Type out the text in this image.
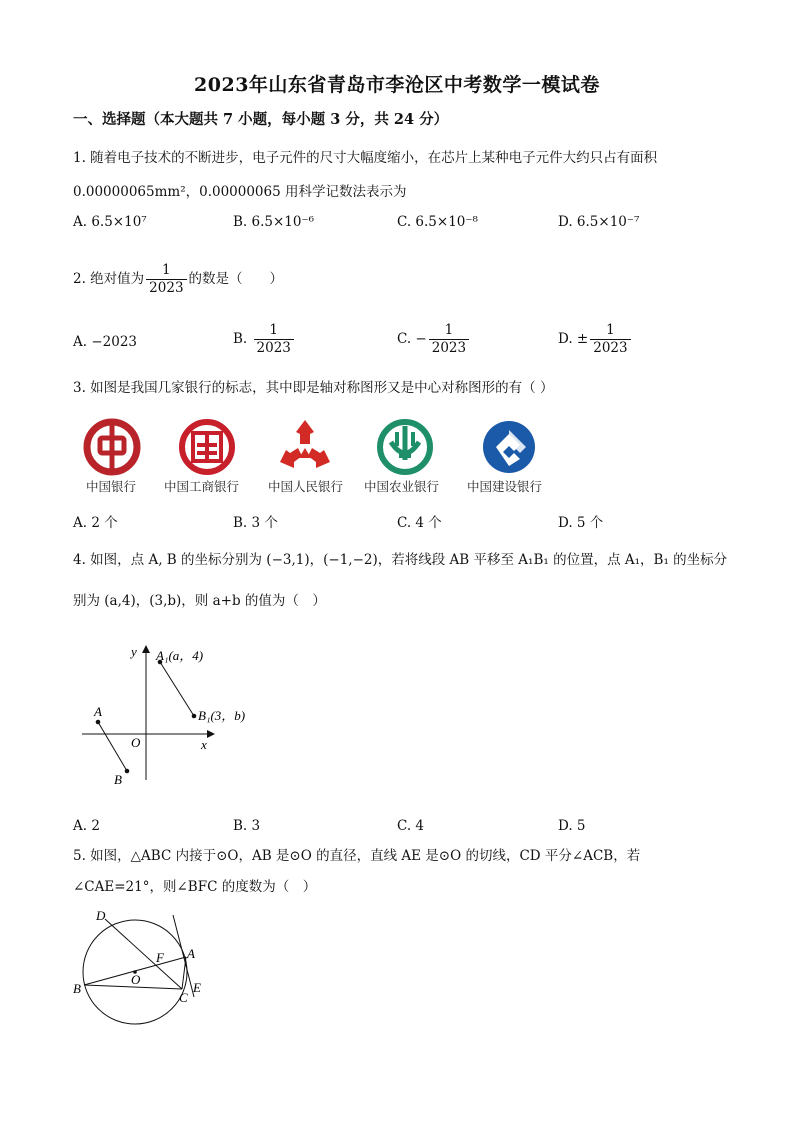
2023年山东省青岛市李沧区中考数学一模试卷
一、选择题（本大题共 7 小题，每小题 3 分，共 24 分）
1. 随着电子技术的不断进步，电子元件的尺寸大幅度缩小，在芯片上某种电子元件大约只占有面积
0.00000065mm²，0.00000065 用科学记数法表示为
A. 6.5×10⁷	B. 6.5×10⁻⁶	C. 6.5×10⁻⁸	D. 6.5×10⁻⁷
2. 绝对值为 $\frac{1}{2023}$ 的数是（　　）
A. −2023	B. $\frac{1}{2023}$	C. − $\frac{1}{2023}$	D. ± $\frac{1}{2023}$
3. 如图是我国几家银行的标志，其中即是轴对称图形又是中心对称图形的有（ ）
中国银行 中国工商银行 中国人民银行 中国农业银行 中国建设银行
A. 2 个	B. 3 个	C. 4 个	D. 5 个
4. 如图，点 A, B 的坐标分别为 (−3,1)，(−1,−2)，若将线段 AB 平移至 A₁B₁ 的位置，点 A₁，B₁ 的坐标分
别为 (a,4)，(3,b)，则 a+b 的值为（　）
A
B
A₁(a，4)
B₁(3，b)
O	x
y
A. 2	B. 3	C. 4	D. 5
5. 如图，△ABC 内接于⊙O，AB 是⊙O 的直径，直线 AE 是⊙O 的切线，CD 平分∠ACB，若
∠CAE=21°，则∠BFC 的度数为（　）
D
A
F
O
B
C
E
